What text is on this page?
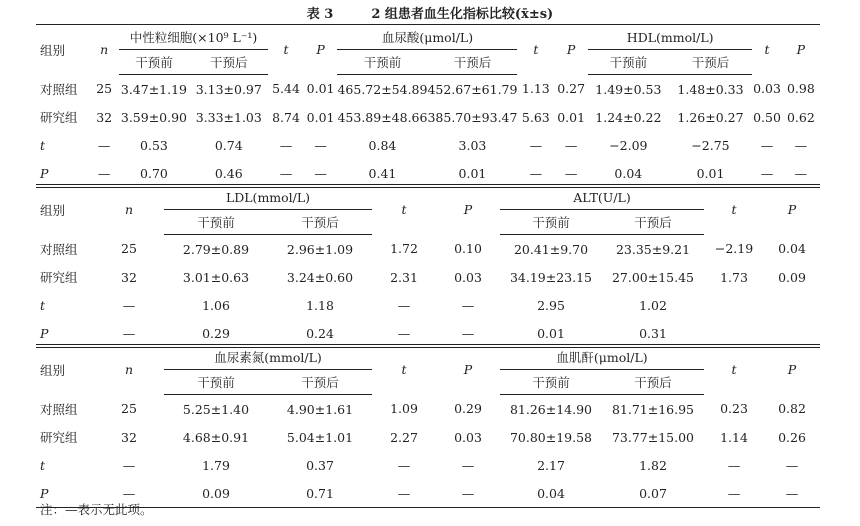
表 3	2 组患者血生化指标比较(x̄±s)
组别	n	中性粒细胞(×10⁹ L⁻¹)		t	P	血尿酸(μmol/L)		t	P	HDL(mmol/L)		t	P
		干预前	干预后			干预前	干预后			干预前	干预后		
对照组	25	3.47±1.19	3.13±0.97	5.44	0.01	465.72±54.89	452.67±61.79	1.13	0.27	1.49±0.53	1.48±0.33	0.03	0.98
研究组	32	3.59±0.90	3.33±1.03	8.74	0.01	453.89±48.66	385.70±93.47	5.63	0.01	1.24±0.22	1.26±0.27	0.50	0.62
t	—	0.53	0.74	—	—	0.84	3.03	—	—	−2.09	−2.75	—	—
P	—	0.70	0.46	—	—	0.41	0.01	—	—	0.04	0.01	—	—
组别	n	LDL(mmol/L)		t	P	ALT(U/L)		t	P
		干预前	干预后			干预前	干预后		
对照组	25	2.79±0.89	2.96±1.09	1.72	0.10	20.41±9.70	23.35±9.21	−2.19	0.04
研究组	32	3.01±0.63	3.24±0.60	2.31	0.03	34.19±23.15	27.00±15.45	1.73	0.09
t	—	1.06	1.18	—	—	2.95	1.02		
P	—	0.29	0.24	—	—	0.01	0.31		
组别	n	血尿素氮(mmol/L)		t	P	血肌酐(μmol/L)		t	P
		干预前	干预后			干预前	干预后		
对照组	25	5.25±1.40	4.90±1.61	1.09	0.29	81.26±14.90	81.71±16.95	0.23	0.82
研究组	32	4.68±0.91	5.04±1.01	2.27	0.03	70.80±19.58	73.77±15.00	1.14	0.26
t	—	1.79	0.37	—	—	2.17	1.82	—	—
P	—	0.09	0.71	—	—	0.04	0.07	—	—
注：—表示无此项。
